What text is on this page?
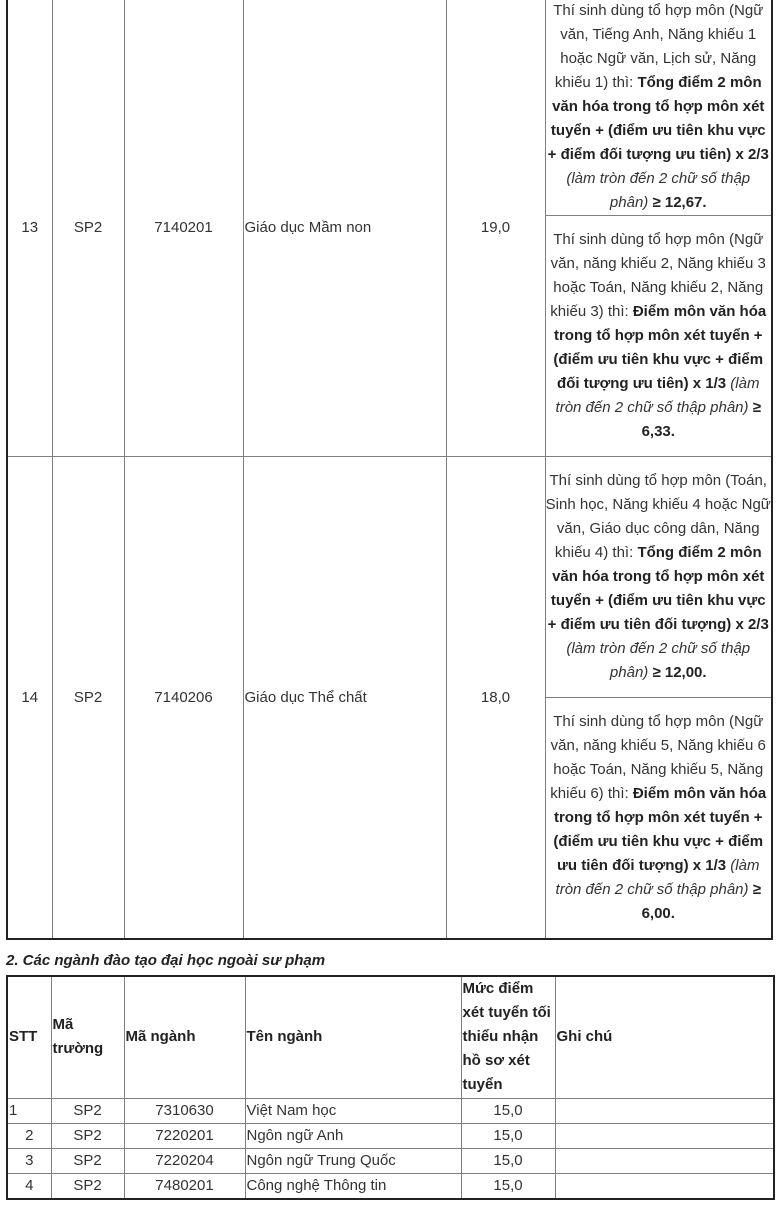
13	SP2	7140201	Giáo dục Mầm non	19,0	Thí sinh dùng tổ hợp môn (Ngữ văn, Tiếng Anh, Năng khiếu 1 hoặc Ngữ văn, Lịch sử, Năng khiếu 1) thì: Tổng điểm 2 môn văn hóa trong tổ hợp môn xét tuyển + (điểm ưu tiên khu vực + điểm đối tượng ưu tiên) x 2/3 (làm tròn đến 2 chữ số thập phân) ≥ 12,67.
					Thí sinh dùng tổ hợp môn (Ngữ văn, năng khiếu 2, Năng khiếu 3 hoặc Toán, Năng khiếu 2, Năng khiếu 3) thì: Điểm môn văn hóa trong tổ hợp môn xét tuyển + (điểm ưu tiên khu vực + điểm đối tượng ưu tiên) x 1/3 (làm tròn đến 2 chữ số thập phân) ≥ 6,33.
14	SP2	7140206	Giáo dục Thể chất	18,0	Thí sinh dùng tổ hợp môn (Toán, Sinh học, Năng khiếu 4 hoặc Ngữ văn, Giáo dục công dân, Năng khiếu 4) thì: Tổng điểm 2 môn văn hóa trong tổ hợp môn xét tuyển + (điểm ưu tiên khu vực + điểm ưu tiên đối tượng) x 2/3 (làm tròn đến 2 chữ số thập phân) ≥ 12,00.
					Thí sinh dùng tổ hợp môn (Ngữ văn, năng khiếu 5, Năng khiếu 6 hoặc Toán, Năng khiếu 5, Năng khiếu 6) thì: Điểm môn văn hóa trong tổ hợp môn xét tuyển + (điểm ưu tiên khu vực + điểm ưu tiên đối tượng) x 1/3 (làm tròn đến 2 chữ số thập phân) ≥ 6,00.
2. Các ngành đào tạo đại học ngoài sư phạm
STT	Mã trường	Mã ngành	Tên ngành	Mức điểm xét tuyển tối thiểu nhận hồ sơ xét tuyển	Ghi chú
1	SP2	7310630	Việt Nam học	15,0	
2	SP2	7220201	Ngôn ngữ Anh	15,0	
3	SP2	7220204	Ngôn ngữ Trung Quốc	15,0	
4	SP2	7480201	Công nghệ Thông tin	15,0	
